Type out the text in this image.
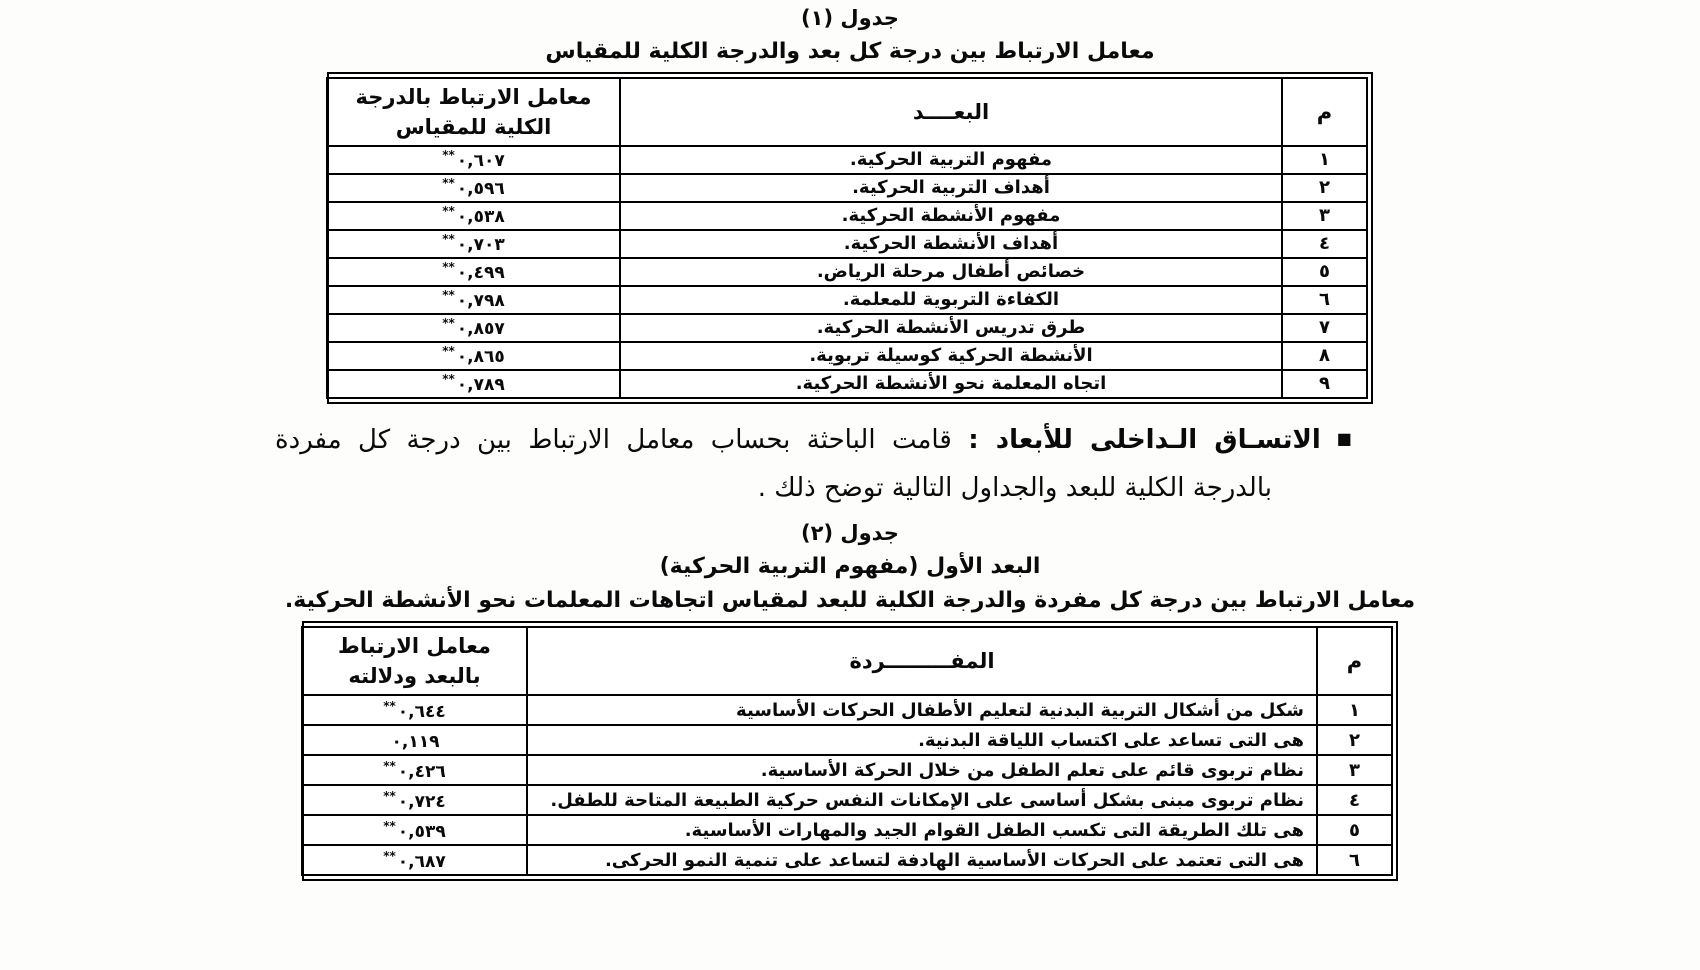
جدول (١)
معامل الارتباط بين درجة كل بعد والدرجة الكلية للمقياس
م	البعــــد	معامل الارتباط بالدرجة
الكلية للمقياس

١	مفهوم التربية الحركية.	٠,٦٠٧**
٢	أهداف التربية الحركية.	٠,٥٩٦**
٣	مفهوم الأنشطة الحركية.	٠,٥٣٨**
٤	أهداف الأنشطة الحركية.	٠,٧٠٣**
٥	خصائص أطفال مرحلة الرياض.	٠,٤٩٩**
٦	الكفاءة التربوية للمعلمة.	٠,٧٩٨**
٧	طرق تدريس الأنشطة الحركية.	٠,٨٥٧**
٨	الأنشطة الحركية كوسيلة تربوية.	٠,٨٦٥**
٩	اتجاه المعلمة نحو الأنشطة الحركية.	٠,٧٨٩**
■الاتسـاق الـداخلى للأبعاد : قامت الباحثة بحساب معامل الارتباط بين درجة كل مفردة
بالدرجة الكلية للبعد والجداول التالية توضح ذلك .
جدول (٢)
البعد الأول (مفهوم التربية الحركية)
معامل الارتباط بين درجة كل مفردة والدرجة الكلية للبعد لمقياس اتجاهات المعلمات نحو الأنشطة الحركية.
م	المفـــــــــردة	معامل الارتباط
بالبعد ودلالته

١	شكل من أشكال التربية البدنية لتعليم الأطفال الحركات الأساسية	٠,٦٤٤**
٢	هى التى تساعد على اكتساب اللياقة البدنية.	٠,١١٩
٣	نظام تربوى قائم على تعلم الطفل من خلال الحركة الأساسية.	٠,٤٢٦**
٤	نظام تربوى مبنى بشكل أساسى على الإمكانات النفس حركية الطبيعة المتاحة للطفل.	٠,٧٢٤**
٥	هى تلك الطريقة التى تكسب الطفل القوام الجيد والمهارات الأساسية.	٠,٥٣٩**
٦	هى التى تعتمد على الحركات الأساسية الهادفة لتساعد على تنمية النمو الحركى.	٠,٦٨٧**
